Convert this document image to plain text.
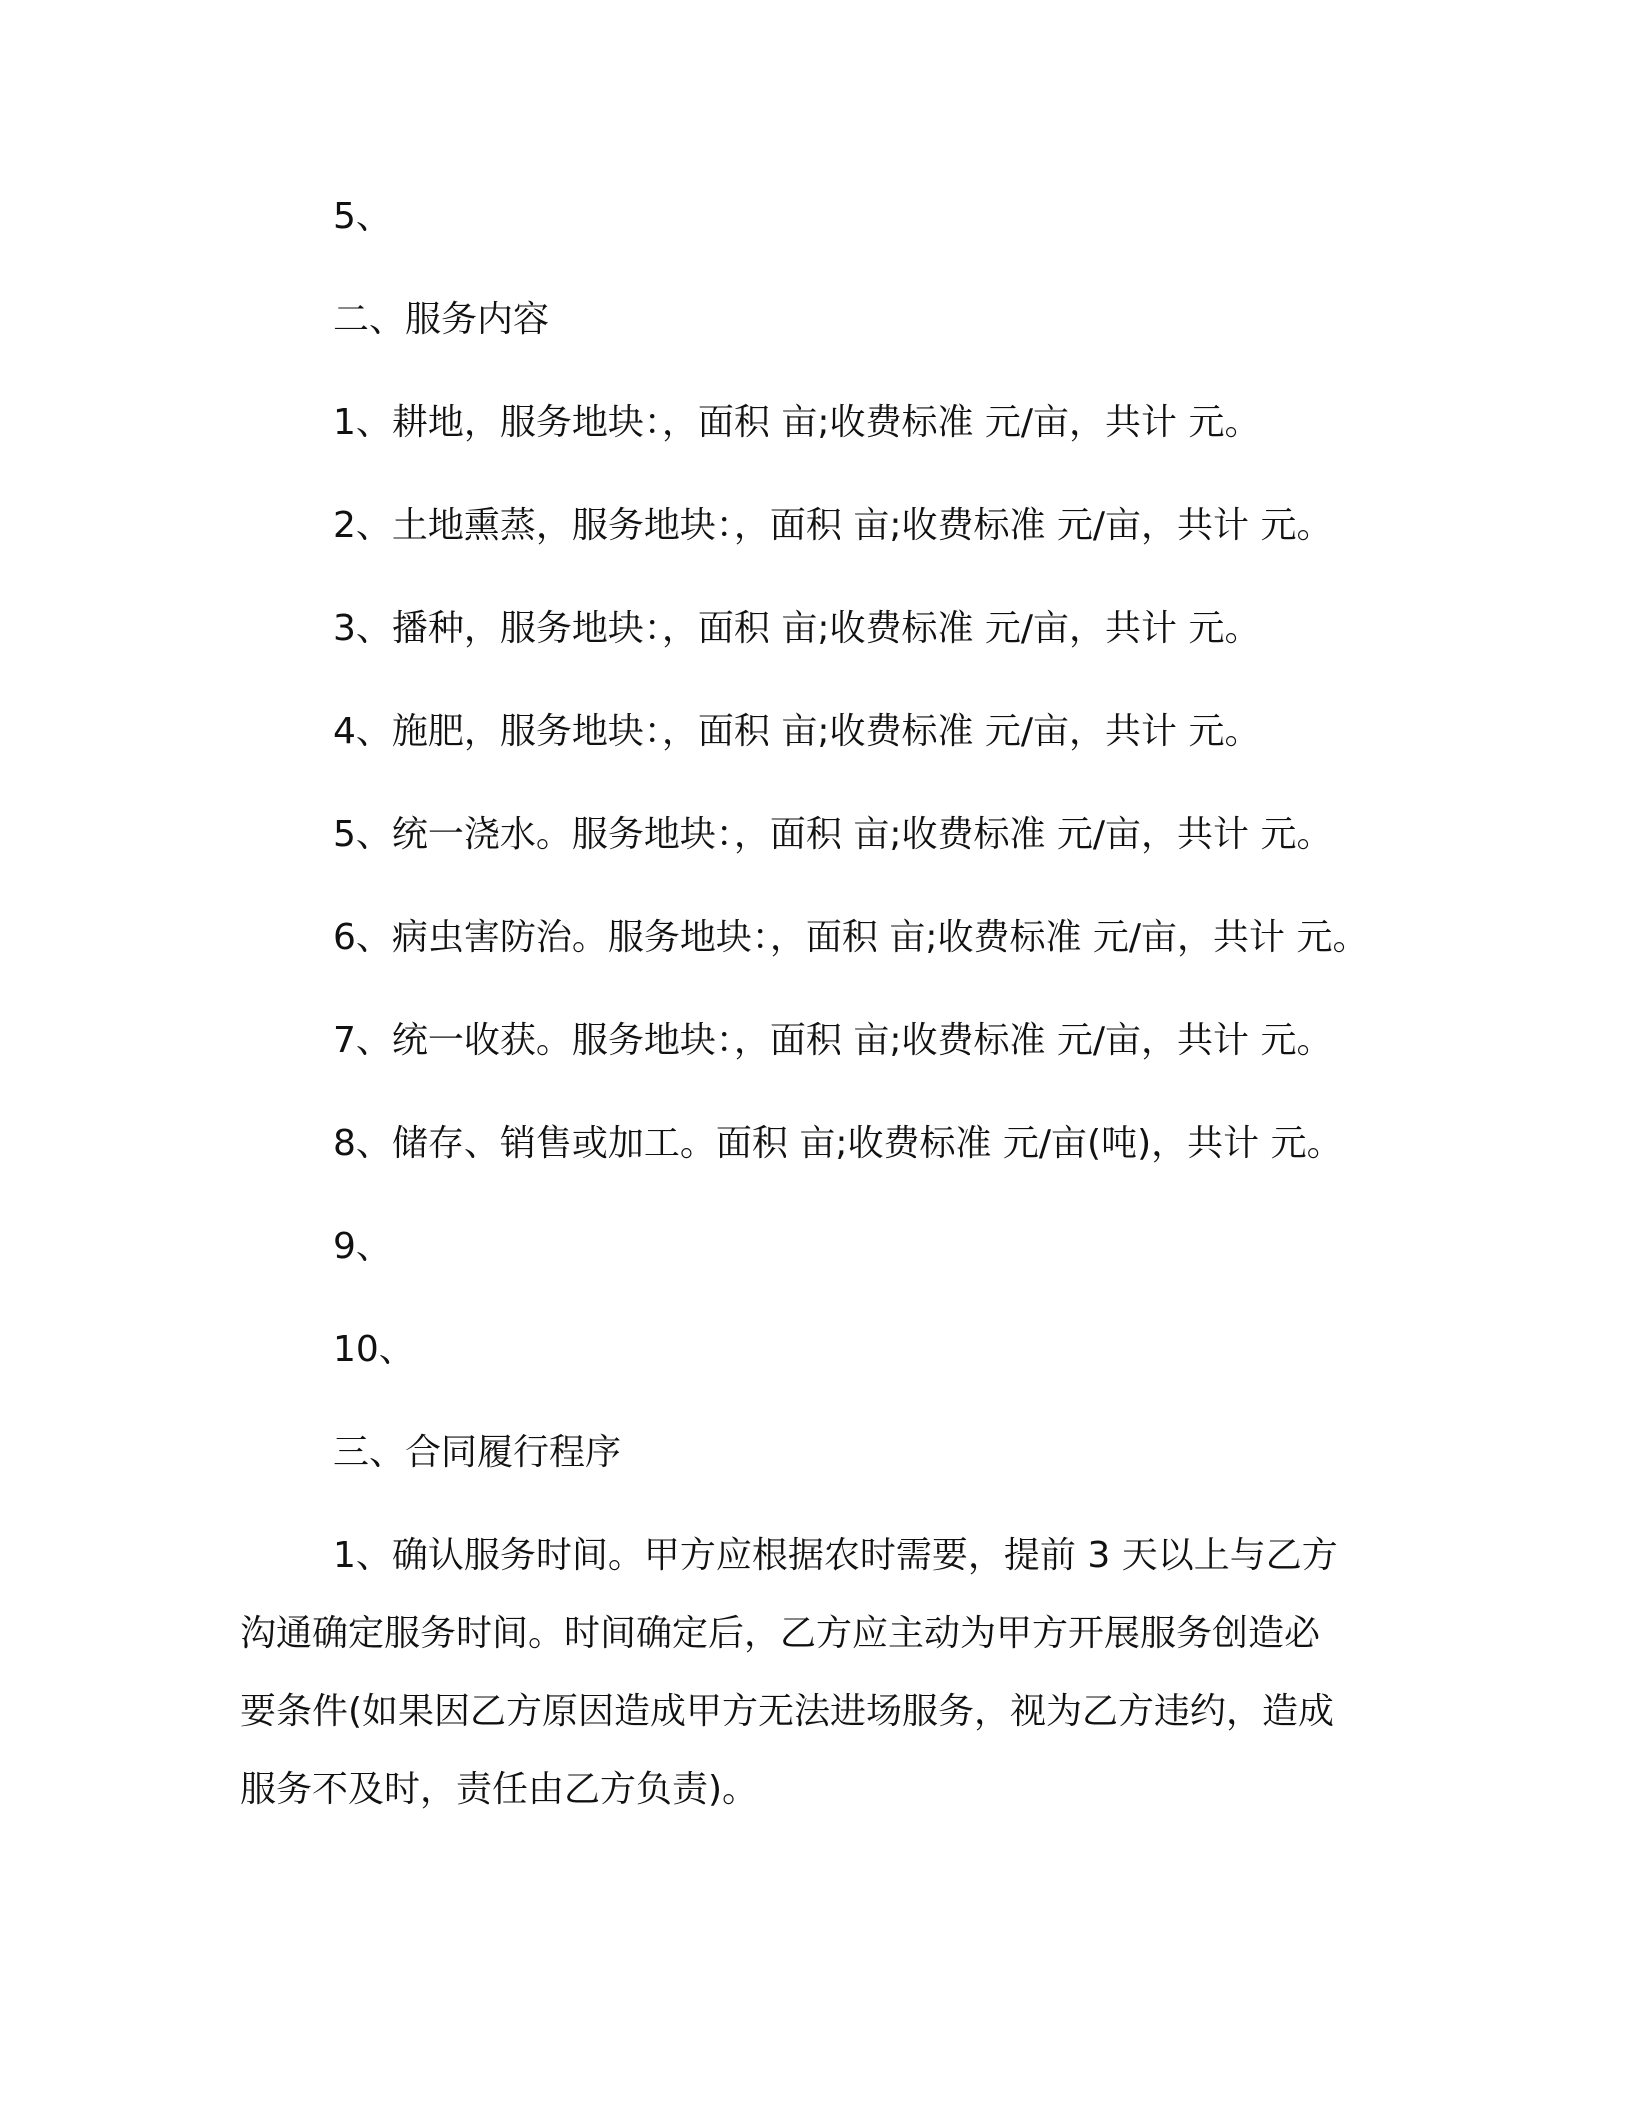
5、
二、服务内容
1、耕地，服务地块：，面积 亩;收费标准 元/亩，共计 元。
2、土地熏蒸，服务地块：，面积 亩;收费标准 元/亩，共计 元。
3、播种，服务地块：，面积 亩;收费标准 元/亩，共计 元。
4、施肥，服务地块：，面积 亩;收费标准 元/亩，共计 元。
5、统一浇水。服务地块：，面积 亩;收费标准 元/亩，共计 元。
6、病虫害防治。服务地块：，面积 亩;收费标准 元/亩，共计 元。
7、统一收获。服务地块：，面积 亩;收费标准 元/亩，共计 元。
8、储存、销售或加工。面积 亩;收费标准 元/亩(吨)，共计 元。
9、
10、
三、合同履行程序
1、确认服务时间。甲方应根据农时需要，提前 3 天以上与乙方
沟通确定服务时间。时间确定后，乙方应主动为甲方开展服务创造必
要条件(如果因乙方原因造成甲方无法进场服务，视为乙方违约，造成
服务不及时，责任由乙方负责)。
